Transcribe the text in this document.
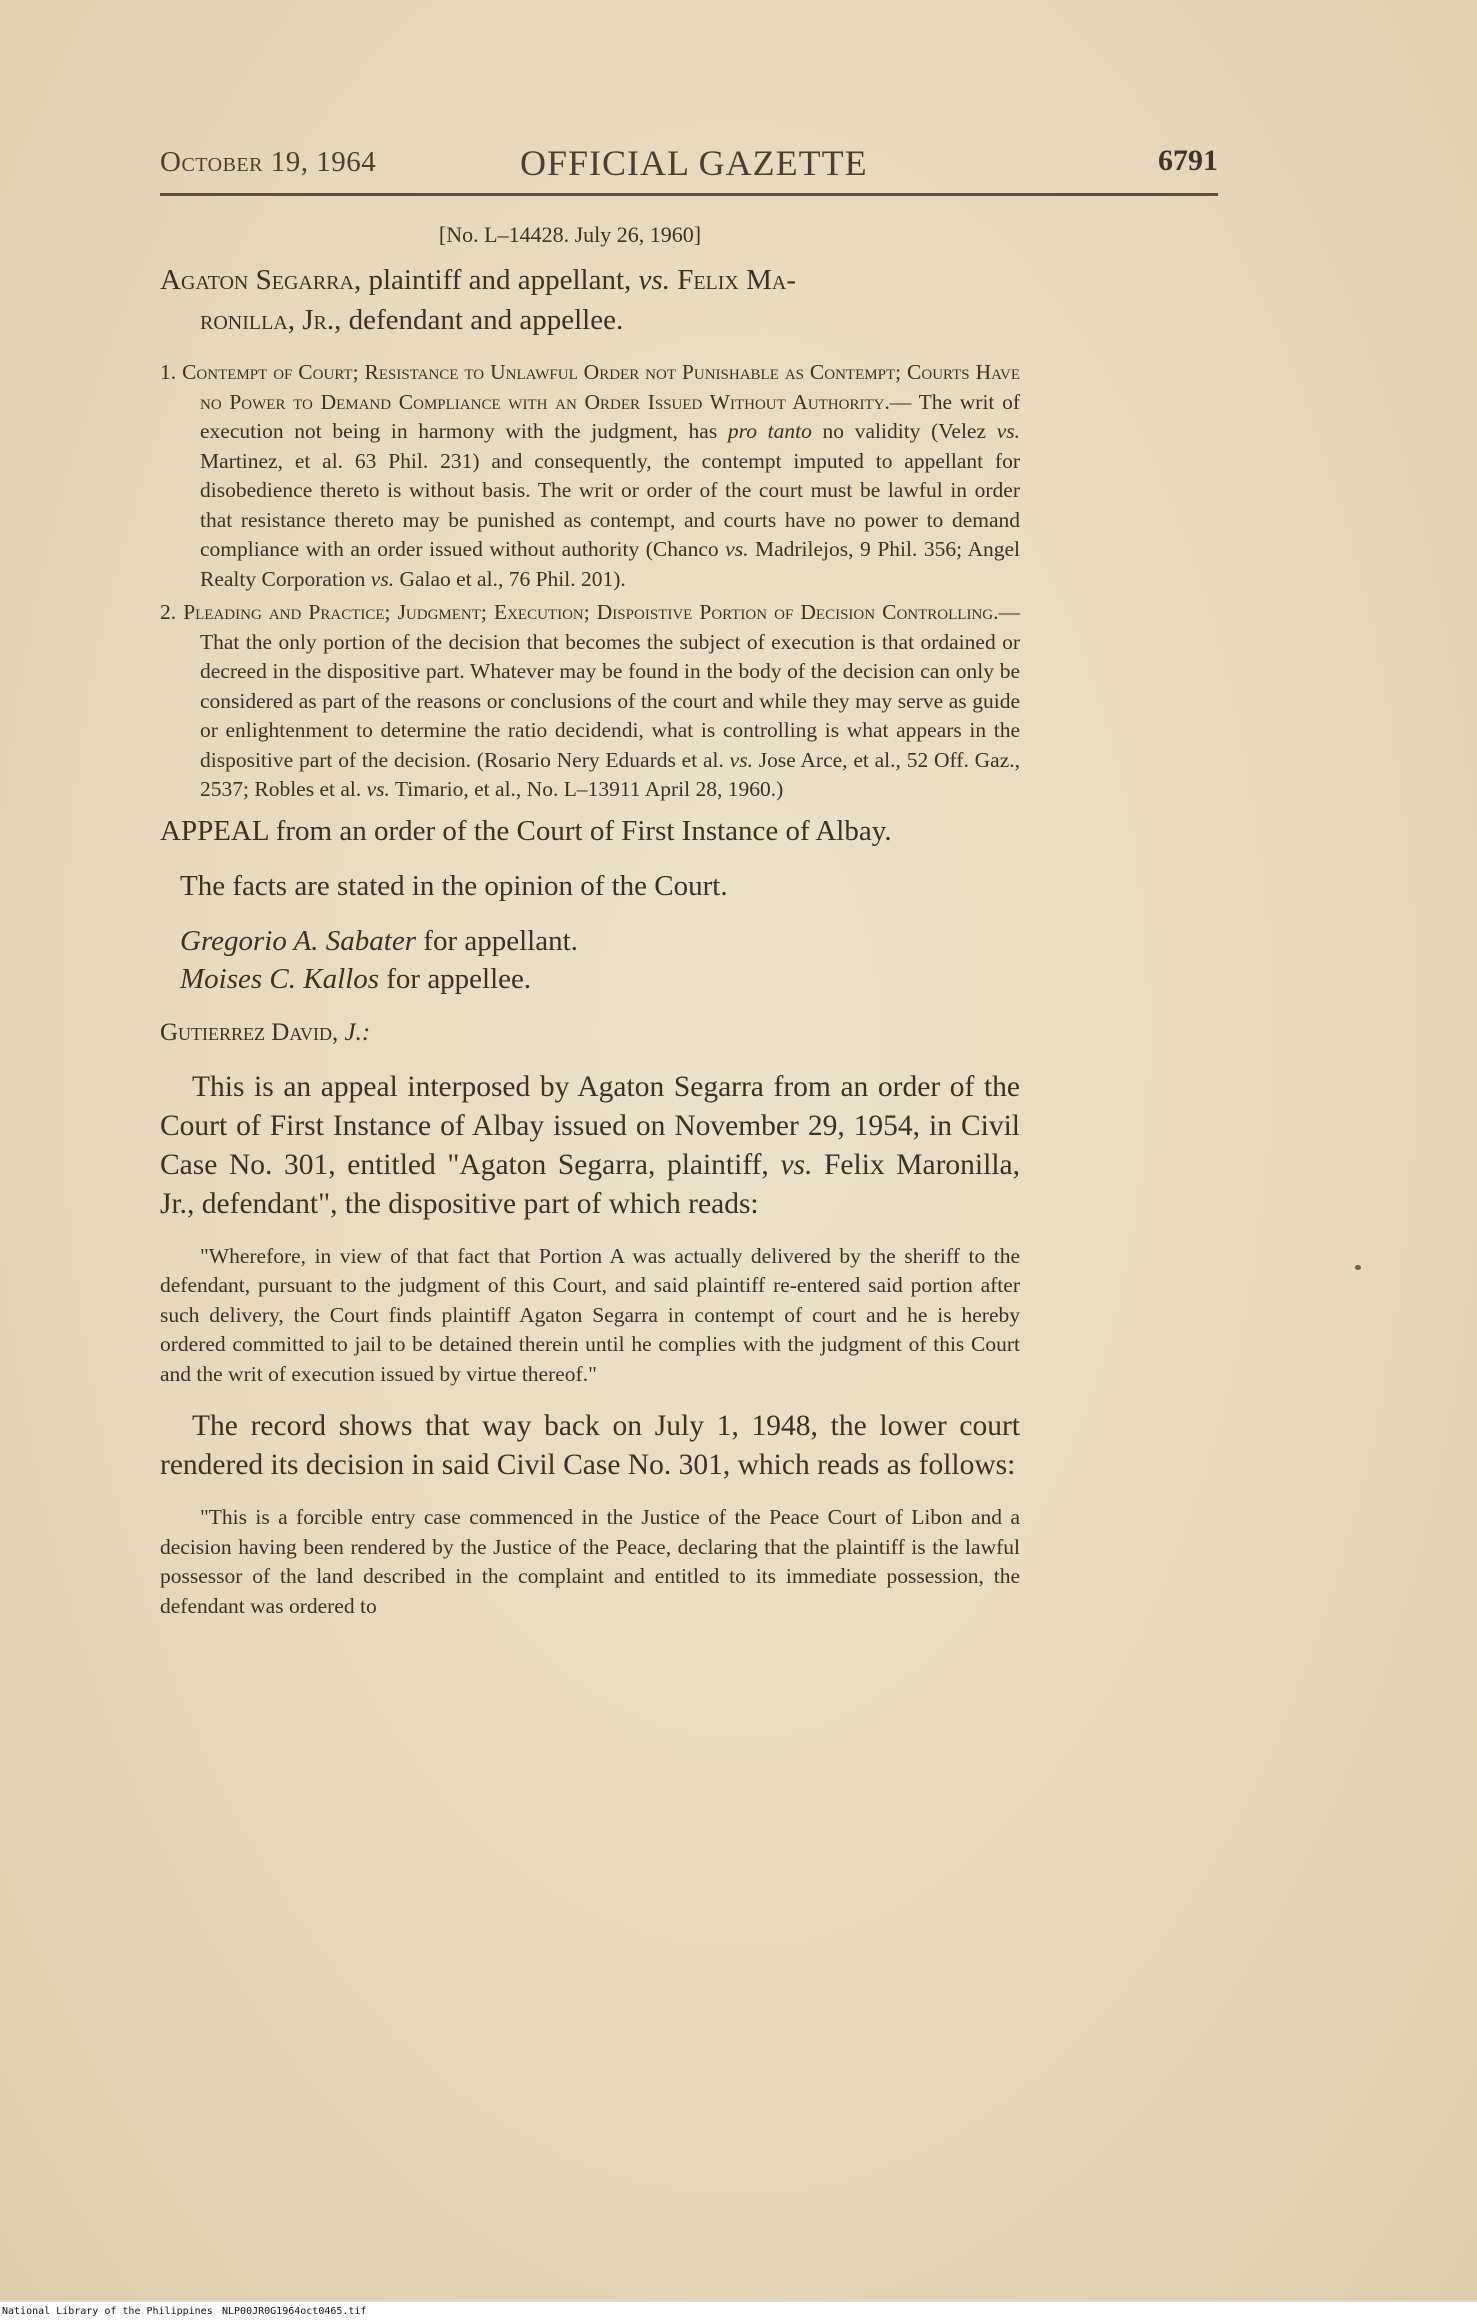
October 19, 1964	OFFICIAL GAZETTE	6791
[No. L–14428. July 26, 1960]
Agaton Segarra, plaintiff and appellant, vs. Felix Ma-
ronilla, Jr., defendant and appellee.
1. Contempt of Court; Resistance to Unlawful Order not Punishable as Contempt; Courts Have no Power to Demand Compliance with an Order Issued Without Authority.— The writ of execution not being in harmony with the judgment, has pro tanto no validity (Velez vs. Martinez, et al. 63 Phil. 231) and consequently, the contempt imputed to appellant for disobedience thereto is without basis. The writ or order of the court must be lawful in order that resistance thereto may be punished as contempt, and courts have no power to demand compliance with an order issued without authority (Chanco vs. Madrilejos, 9 Phil. 356; Angel Realty Corporation vs. Galao et al., 76 Phil. 201).
2. Pleading and Practice; Judgment; Execution; Dispoistive Portion of Decision Controlling.—That the only portion of the decision that becomes the subject of execution is that ordained or decreed in the dispositive part. Whatever may be found in the body of the decision can only be considered as part of the reasons or conclusions of the court and while they may serve as guide or enlightenment to determine the ratio decidendi, what is controlling is what appears in the dispositive part of the decision. (Rosario Nery Eduards et al. vs. Jose Arce, et al., 52 Off. Gaz., 2537; Robles et al. vs. Timario, et al., No. L–13911 April 28, 1960.)
APPEAL from an order of the Court of First Instance of Albay.
The facts are stated in the opinion of the Court.
Gregorio A. Sabater for appellant.
Moises C. Kallos for appellee.
Gutierrez David, J.:
This is an appeal interposed by Agaton Segarra from an order of the Court of First Instance of Albay issued on November 29, 1954, in Civil Case No. 301, entitled "Agaton Segarra, plaintiff, vs. Felix Maronilla, Jr., defendant", the dispositive part of which reads:
"Wherefore, in view of that fact that Portion A was actually delivered by the sheriff to the defendant, pursuant to the judgment of this Court, and said plaintiff re-entered said portion after such delivery, the Court finds plaintiff Agaton Segarra in contempt of court and he is hereby ordered committed to jail to be detained therein until he complies with the judgment of this Court and the writ of execution issued by virtue thereof."
The record shows that way back on July 1, 1948, the lower court rendered its decision in said Civil Case No. 301, which reads as follows:
"This is a forcible entry case commenced in the Justice of the Peace Court of Libon and a decision having been rendered by the Justice of the Peace, declaring that the plaintiff is the lawful possessor of the land described in the complaint and entitled to its immediate possession, the defendant was ordered to
National Library of the Philippines NLP00JR0G1964oct0465.tif
